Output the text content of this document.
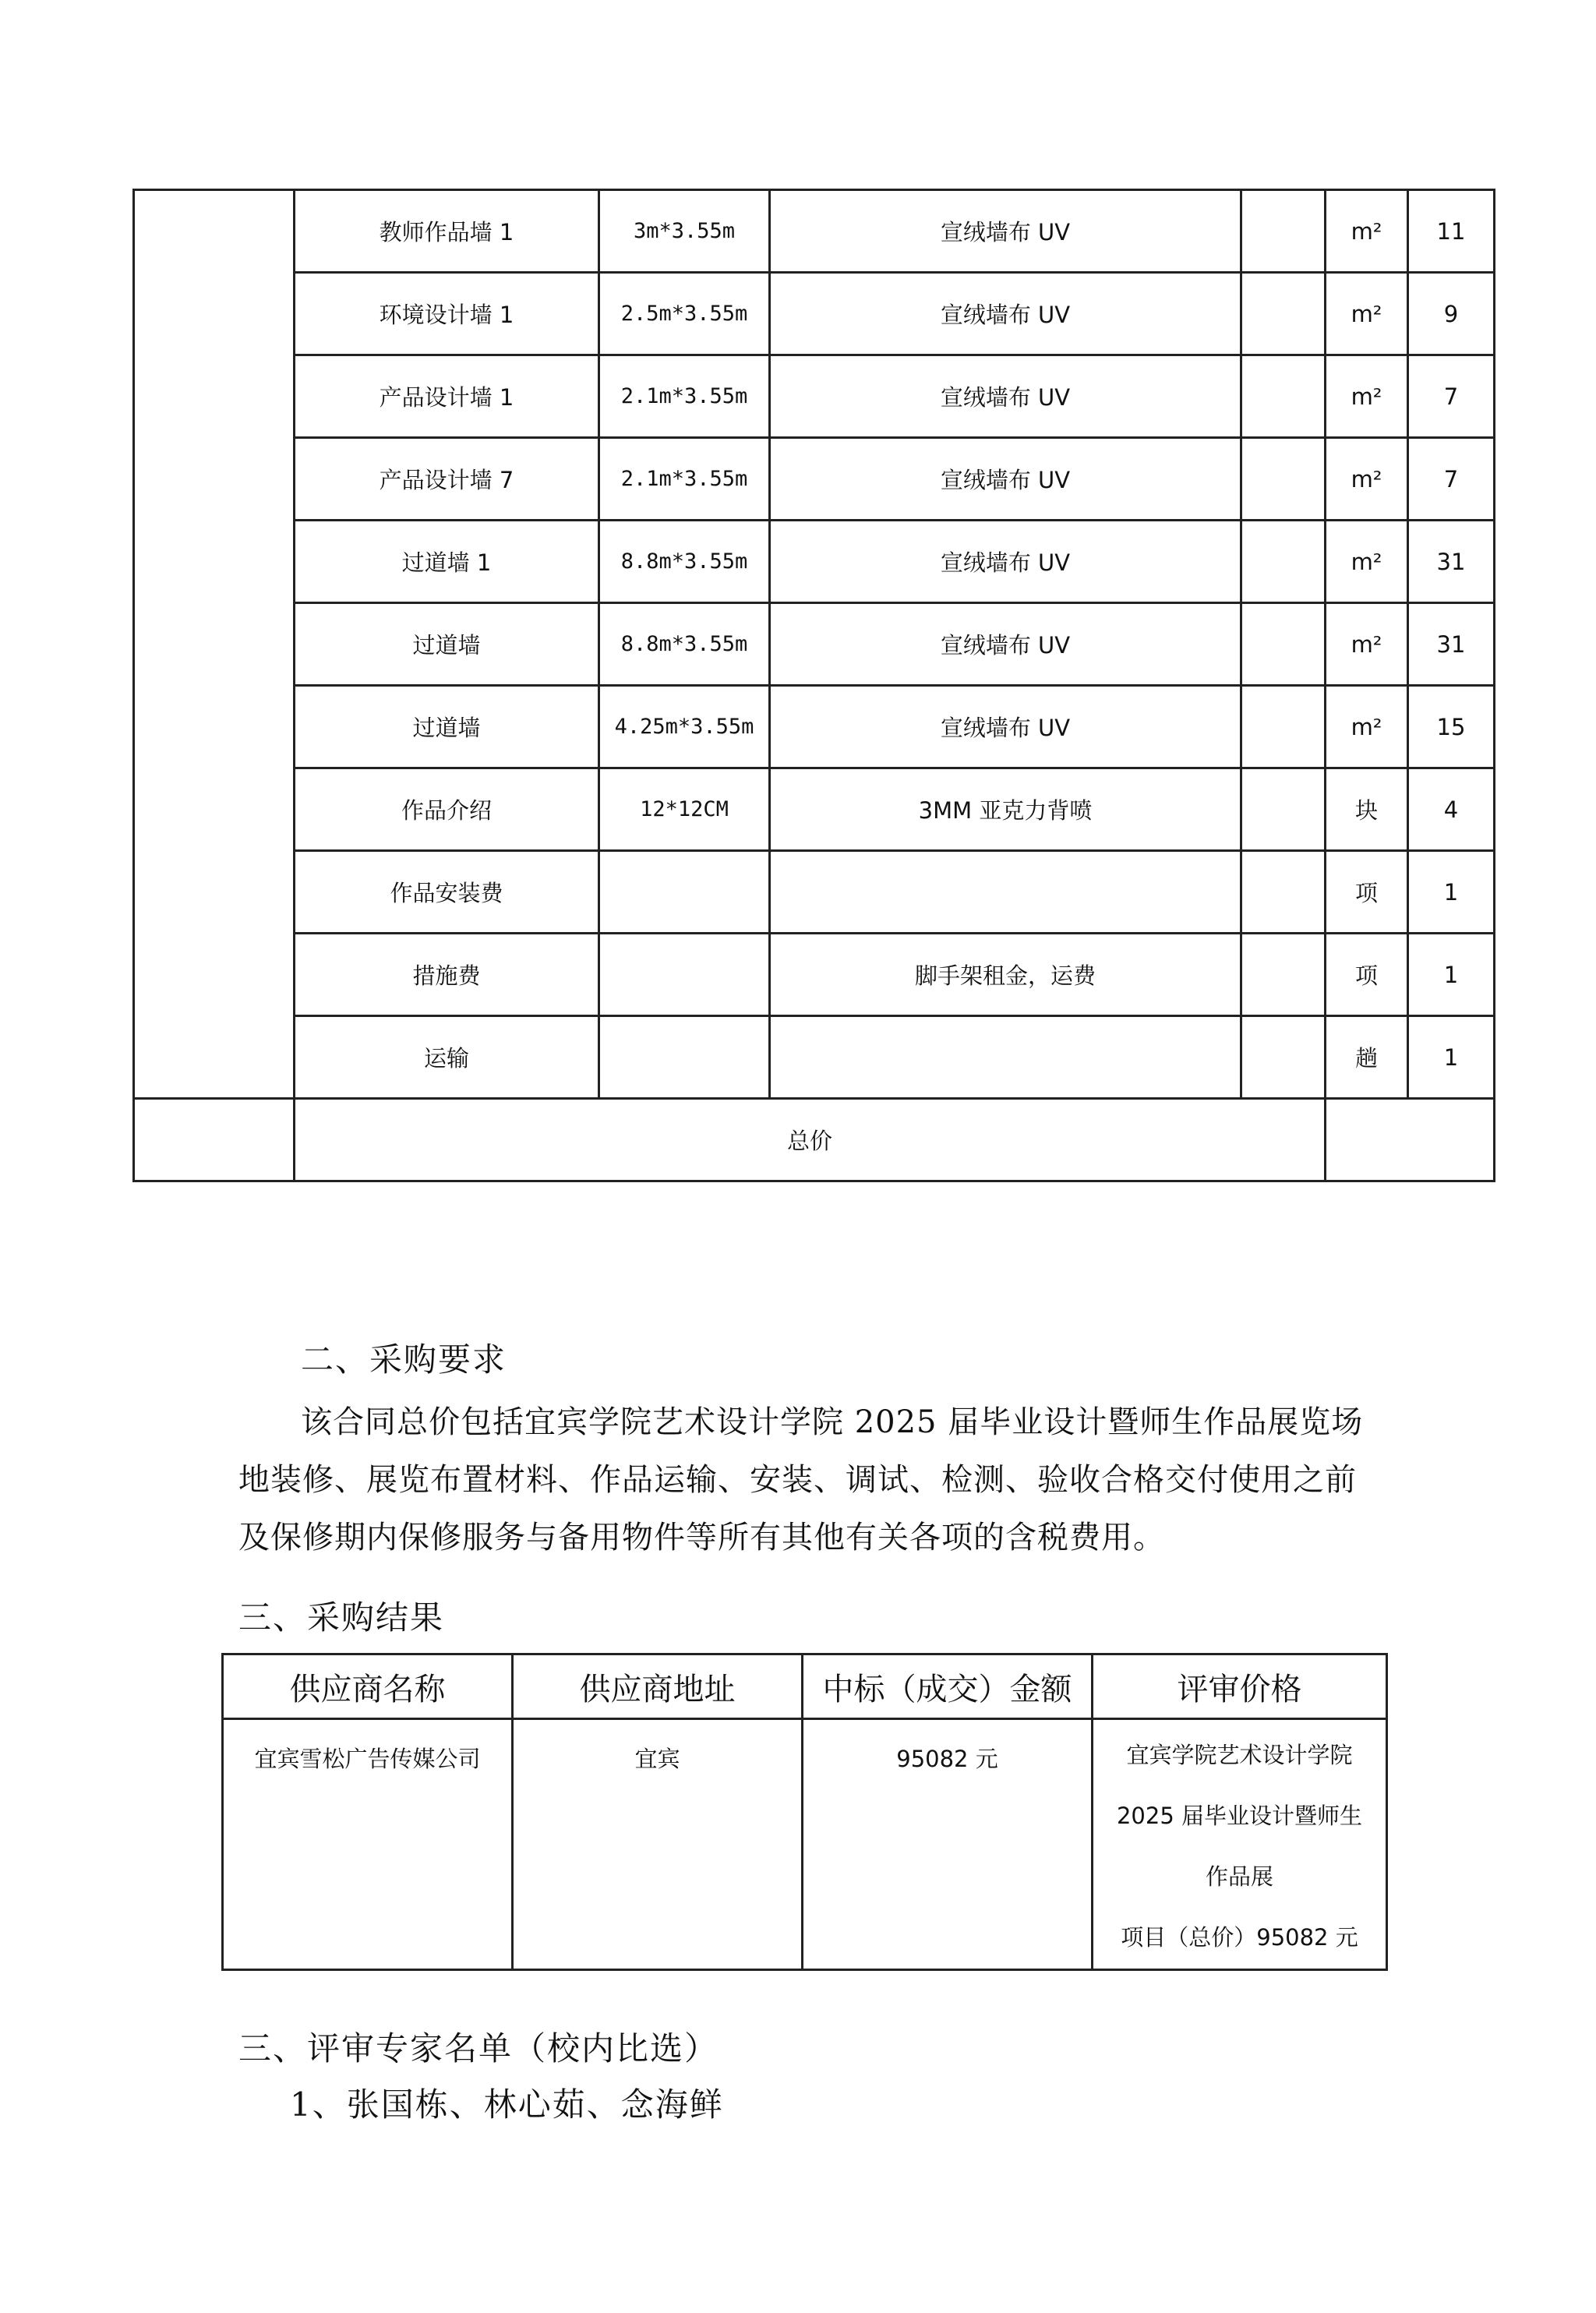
	教师作品墙 1	3m*3.55m	宣绒墙布 UV		m²	11
	环境设计墙 1	2.5m*3.55m	宣绒墙布 UV		m²	9
	产品设计墙 1	2.1m*3.55m	宣绒墙布 UV		m²	7
	产品设计墙 7	2.1m*3.55m	宣绒墙布 UV		m²	7
	过道墙 1	8.8m*3.55m	宣绒墙布 UV		m²	31
	过道墙	8.8m*3.55m	宣绒墙布 UV		m²	31
	过道墙	4.25m*3.55m	宣绒墙布 UV		m²	15
	作品介绍	12*12CM	3MM 亚克力背喷		块	4
	作品安装费				项	1
	措施费		脚手架租金，运费		项	1
	运输				趟	1
	总价					
二、采购要求
该合同总价包括宜宾学院艺术设计学院 2025 届毕业设计暨师生作品展览场地装修、展览布置材料、作品运输、安装、调试、检测、验收合格交付使用之前及保修期内保修服务与备用物件等所有其他有关各项的含税费用。
三、采购结果
供应商名称	供应商地址	中标（成交）金额	评审价格
宜宾雪松广告传媒公司	宜宾	95082 元	宜宾学院艺术设计学院
2025 届毕业设计暨师生
作品展
项目（总价）95082 元
三、评审专家名单（校内比选）
1、张国栋、林心茹、念海鲜
